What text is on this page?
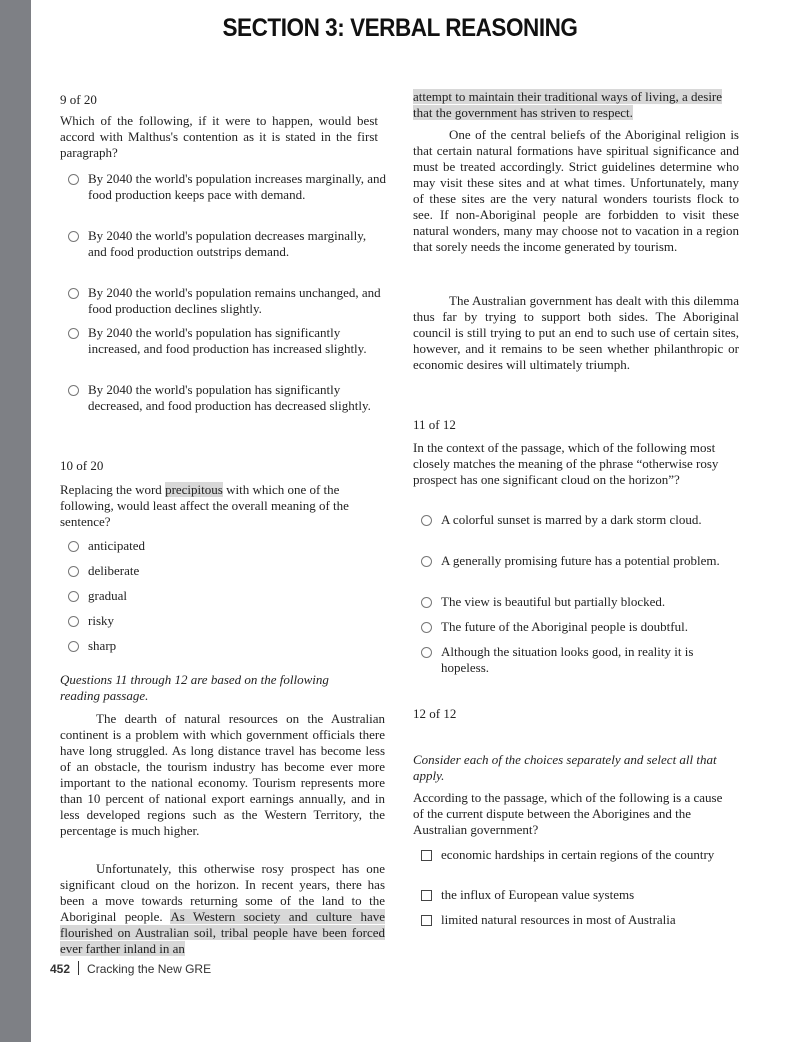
SECTION 3: VERBAL REASONING
9 of 20
Which of the following, if it were to happen, would best accord with Malthus's contention as it is stated in the first paragraph?
By 2040 the world's population increases marginally, and food production keeps pace with demand.
By 2040 the world's population decreases marginally, and food production outstrips demand.
By 2040 the world's population remains unchanged, and food production declines slightly.
By 2040 the world's population has significantly increased, and food production has increased slightly.
By 2040 the world's population has significantly decreased, and food production has decreased slightly.
10 of 20
Replacing the word precipitous with which one of the following, would least affect the overall meaning of the sentence?
anticipated
deliberate
gradual
risky
sharp
Questions 11 through 12 are based on the following reading passage.
The dearth of natural resources on the Australian continent is a problem with which government officials there have long struggled. As long distance travel has become less of an obstacle, the tourism industry has become ever more important to the national economy. Tourism represents more than 10 percent of national export earnings annually, and in less developed regions such as the Western Territory, the percentage is much higher.
Unfortunately, this otherwise rosy prospect has one significant cloud on the horizon. In recent years, there has been a move towards returning some of the land to the Aboriginal people. As Western society and culture have flourished on Australian soil, tribal people have been forced ever farther inland in an
attempt to maintain their traditional ways of living, a desire that the government has striven to respect.
One of the central beliefs of the Aboriginal religion is that certain natural formations have spiritual significance and must be treated accordingly. Strict guidelines determine who may visit these sites and at what times. Unfortunately, many of these sites are the very natural wonders tourists flock to see. If non-Aboriginal people are forbidden to visit these natural wonders, many may choose not to vacation in a region that sorely needs the income generated by tourism.
The Australian government has dealt with this dilemma thus far by trying to support both sides. The Aboriginal council is still trying to put an end to such use of certain sites, however, and it remains to be seen whether philanthropic or economic desires will ultimately triumph.
11 of 12
In the context of the passage, which of the following most closely matches the meaning of the phrase “otherwise rosy prospect has one significant cloud on the horizon”?
A colorful sunset is marred by a dark storm cloud.
A generally promising future has a potential problem.
The view is beautiful but partially blocked.
The future of the Aboriginal people is doubtful.
Although the situation looks good, in reality it is hopeless.
12 of 12
Consider each of the choices separately and select all that apply.
According to the passage, which of the following is a cause of the current dispute between the Aborigines and the Australian government?
economic hardships in certain regions of the country
the influx of European value systems
limited natural resources in most of Australia
452 Cracking the New GRE
